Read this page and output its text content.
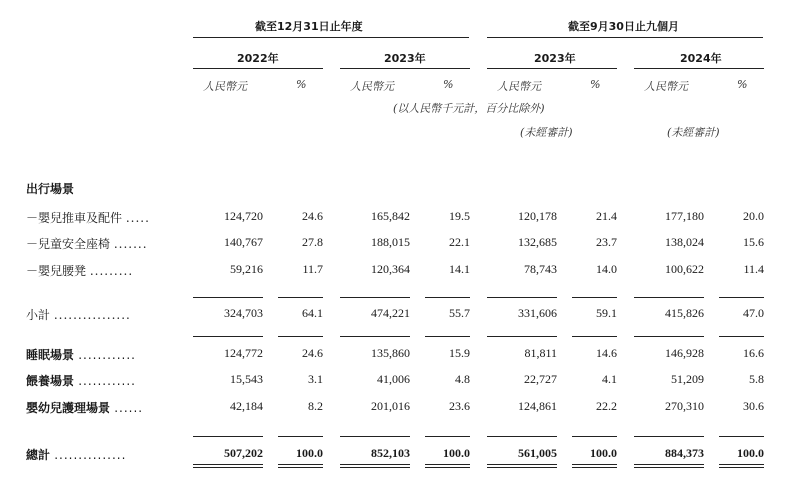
截至12月31日止年度	截至9月30日止九個月
2022年	2023年	2023年	2024年
人民幣元	%	人民幣元	%	人民幣元	%	人民幣元	%
(以人民幣千元計，百分比除外)
(未經審計)	(未經審計)
出行場景
－嬰兒推車及配件 .....	124,720	24.6	165,842	19.5	120,178	21.4	177,180	20.0
－兒童安全座椅 .......	140,767	27.8	188,015	22.1	132,685	23.7	138,024	15.6
－嬰兒腰凳 .........	59,216	11.7	120,364	14.1	78,743	14.0	100,622	11.4
小計 ................	324,703	64.1	474,221	55.7	331,606	59.1	415,826	47.0
睡眠場景 ............	124,772	24.6	135,860	15.9	81,811	14.6	146,928	16.6
餵養場景 ............	15,543	3.1	41,006	4.8	22,727	4.1	51,209	5.8
嬰幼兒護理場景 ......	42,184	8.2	201,016	23.6	124,861	22.2	270,310	30.6
總計 ...............	507,202	100.0	852,103	100.0	561,005	100.0	884,373	100.0
